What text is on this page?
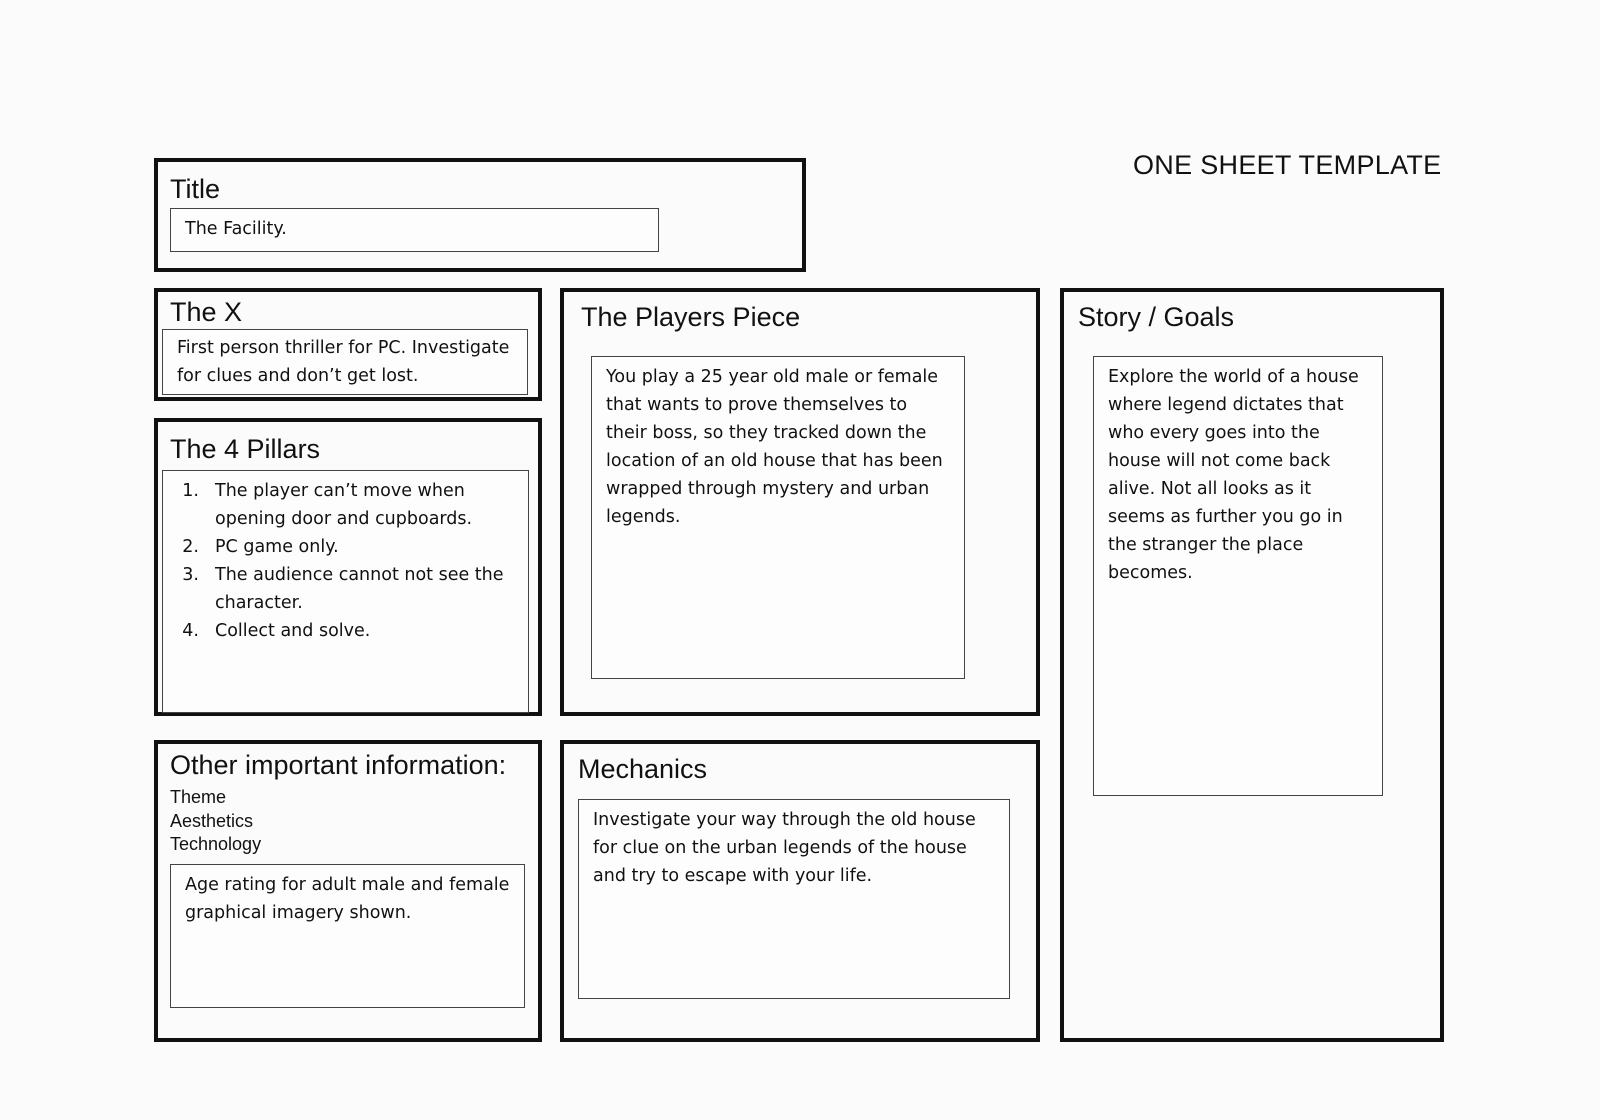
ONE SHEET TEMPLATE
Title
The Facility.
The X
First person thriller for PC. Investigate for clues and don’t get lost.
The 4 Pillars
1. The player can’t move when opening door and cupboards.
2. PC game only.
3. The audience cannot not see the character.
4. Collect and solve.
The Players Piece
You play a 25 year old male or female that wants to prove themselves to their boss, so they tracked down the location of an old house that has been wrapped through mystery and urban legends.
Story / Goals
Explore the world of a house where legend dictates that who every goes into the house will not come back alive. Not all looks as it seems as further you go in the stranger the place becomes.
Other important information:
Theme
Aesthetics
Technology
Age rating for adult male and female graphical imagery shown.
Mechanics
Investigate your way through the old house for clue on the urban legends of the house and try to escape with your life.
